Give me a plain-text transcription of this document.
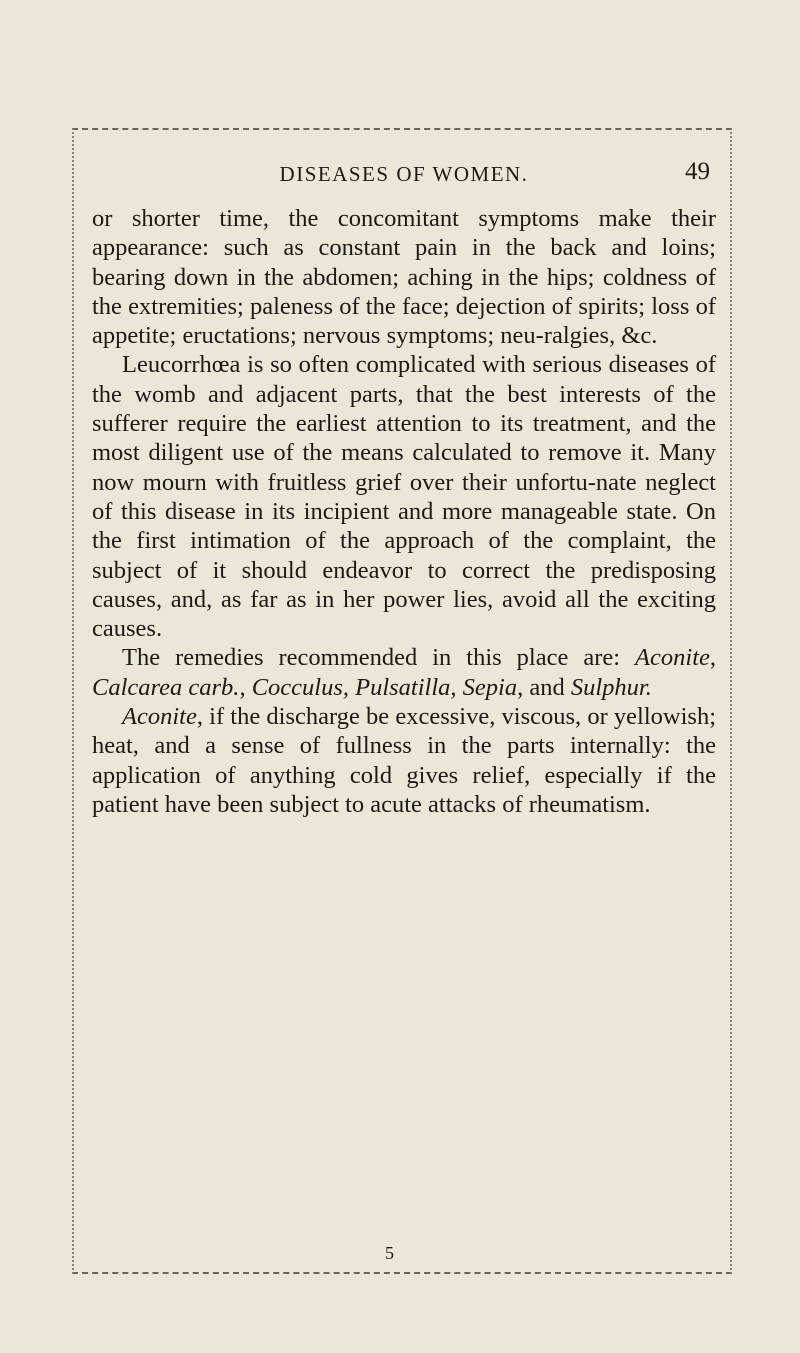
DISEASES OF WOMEN.	49

or shorter time, the concomitant symptoms make their appearance: such as constant pain in the back and loins; bearing down in the abdomen; aching in the hips; coldness of the extremities; paleness of the face; dejection of spirits; loss of appetite; eructations; nervous symptoms; neu-ralgies, &c.

Leucorrhœa is so often complicated with serious diseases of the womb and adjacent parts, that the best interests of the sufferer require the earliest attention to its treatment, and the most diligent use of the means calculated to remove it. Many now mourn with fruitless grief over their unfortu-nate neglect of this disease in its incipient and more manageable state. On the first intimation of the approach of the complaint, the subject of it should endeavor to correct the predisposing causes, and, as far as in her power lies, avoid all the exciting causes.

The remedies recommended in this place are: Aconite, Calcarea carb., Cocculus, Pulsatilla, Sepia, and Sulphur.

Aconite, if the discharge be excessive, viscous, or yellowish; heat, and a sense of fullness in the parts internally: the application of anything cold gives relief, especially if the patient have been subject to acute attacks of rheumatism.

5
